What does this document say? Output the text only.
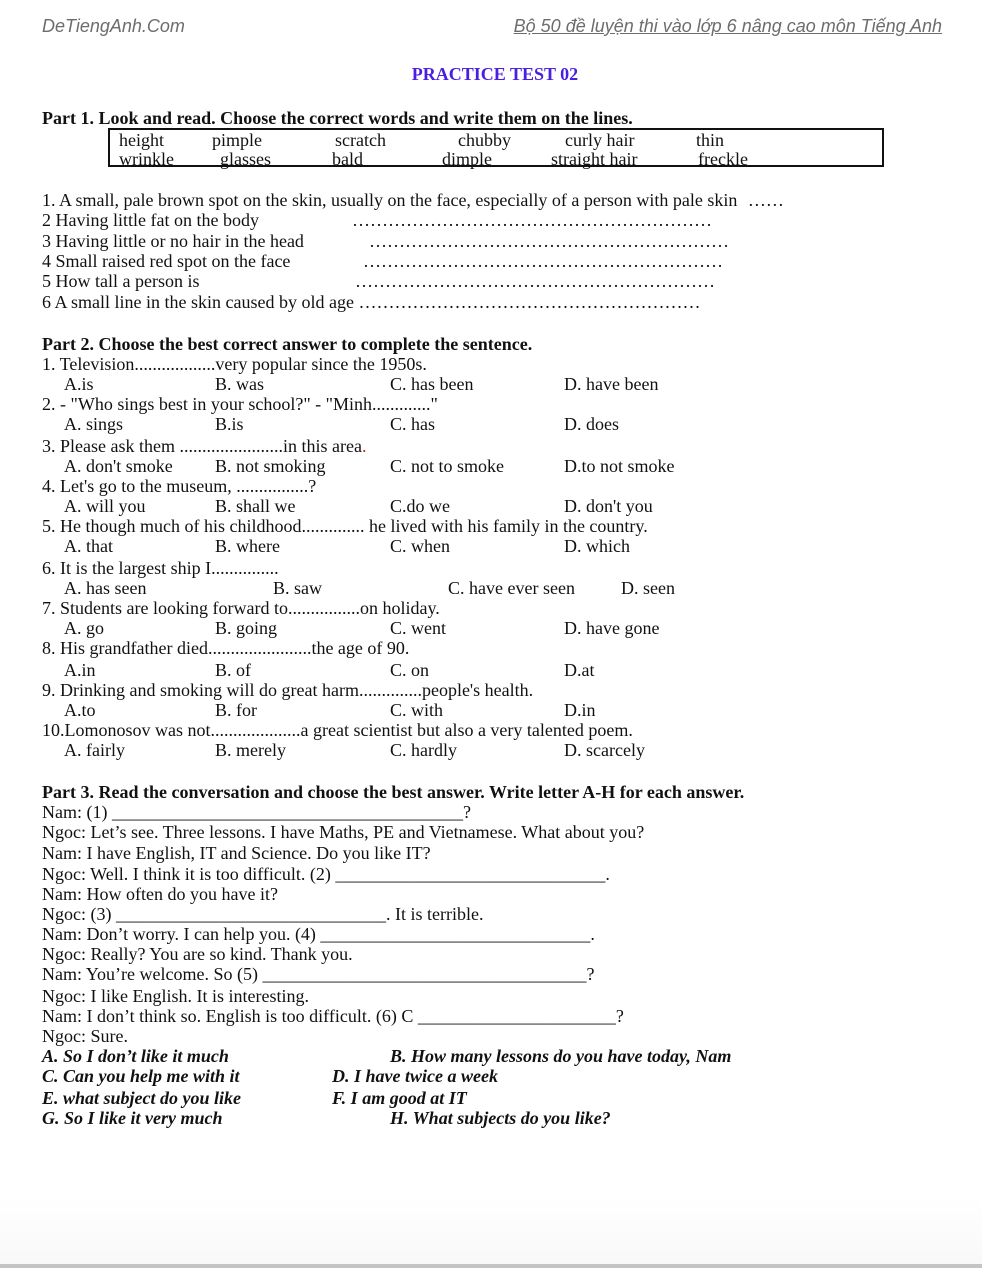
DeTiengAnh.Com	Bộ 50 đề luyện thi vào lớp 6 nâng cao môn Tiếng Anh
PRACTICE TEST 02
Part 1. Look and read. Choose the correct words and write them on the lines.
height	pimple	scratch	chubby	curly hair	thin
wrinkle	glasses	bald	dimple	straight hair	freckle
1. A small, pale brown spot on the skin, usually on the face, especially of a person with pale skin ……
2 Having little fat on the body	……………………………………………………
3 Having little or no hair in the head	……………………………………………………
4 Small raised red spot on the face	……………………………………………………
5 How tall a person is	……………………………………………………
6 A small line in the skin caused by old age …………………………………………………
Part 2. Choose the best correct answer to complete the sentence.
1. Television..................very popular since the 1950s.
A.is	B. was	C. has been	D. have been
2. - "Who sings best in your school?" - "Minh............."
A. sings	B.is	C. has	D. does
3. Please ask them .......................in this area.
A. don't smoke B. not smoking	C. not to smoke	D.to not smoke
4. Let's go to the museum, ................?
A. will you	B. shall we	C.do we	D. don't you
5. He though much of his childhood.............. he lived with his family in the country.
A. that	B. where	C. when	D. which
6. It is the largest ship I...............
A. has seen	B. saw	C. have ever seen	D. seen
7. Students are looking forward to................on holiday.
A. go	B. going	C. went	D. have gone
8. His grandfather died.......................the age of 90.
A.in	B. of	C. on	D.at
9. Drinking and smoking will do great harm..............people's health.
A.to	B. for	C. with	D.in
10.Lomonosov was not....................a great scientist but also a very talented poem.
A. fairly	B. merely	C. hardly	D. scarcely
Part 3. Read the conversation and choose the best answer. Write letter A-H for each answer.
Nam: (1) _______________________________________?
Ngoc: Let’s see. Three lessons. I have Maths, PE and Vietnamese. What about you?
Nam: I have English, IT and Science. Do you like IT?
Ngoc: Well. I think it is too difficult. (2) ______________________________.
Nam: How often do you have it?
Ngoc: (3) ______________________________. It is terrible.
Nam: Don’t worry. I can help you. (4) ______________________________.
Ngoc: Really? You are so kind. Thank you.
Nam: You’re welcome. So (5) ____________________________________?
Ngoc: I like English. It is interesting.
Nam: I don’t think so. English is too difficult. (6) C ______________________?
Ngoc: Sure.
A. So I don’t like it much	B. How many lessons do you have today, Nam
C. Can you help me with it	D. I have twice a week
E. what subject do you like	F. I am good at IT
G. So I like it very much	H. What subjects do you like?
